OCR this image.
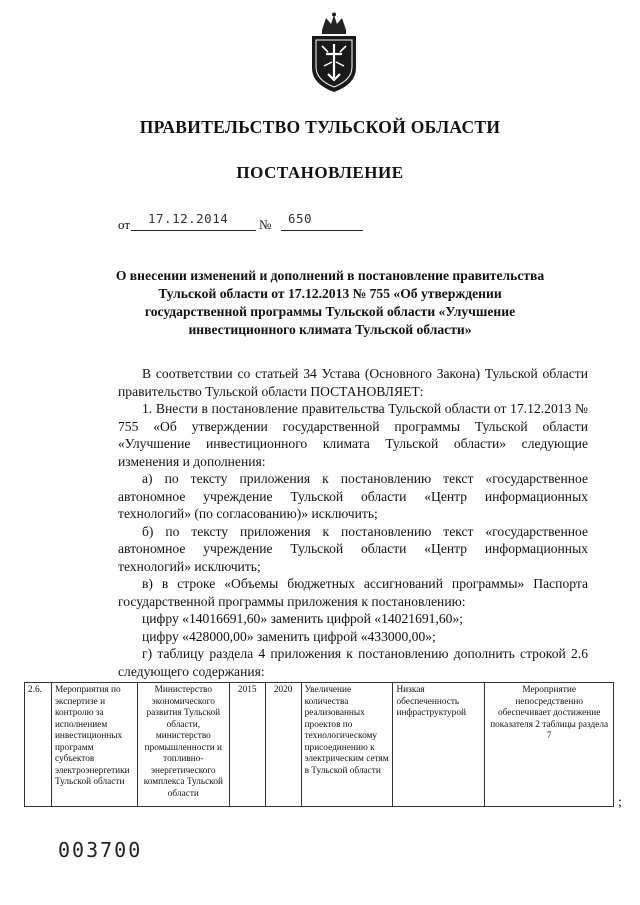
ПРАВИТЕЛЬСТВО ТУЛЬСКОЙ ОБЛАСТИ
ПОСТАНОВЛЕНИЕ
от 17.12.2014 № 650
О внесении изменений и дополнений в постановление правительства
Тульской области от 17.12.2013 № 755 «Об утверждении
государственной программы Тульской области «Улучшение
инвестиционного климата Тульской области»

В соответствии со статьей 34 Устава (Основного Закона) Тульской области правительство Тульской области ПОСТАНОВЛЯЕТ:

1. Внести в постановление правительства Тульской области от 17.12.2013 № 755 «Об утверждении государственной программы Тульской области «Улучшение инвестиционного климата Тульской области» следующие изменения и дополнения:

а) по тексту приложения к постановлению текст «государственное автономное учреждение Тульской области «Центр информационных технологий» (по согласованию)» исключить;

б) по тексту приложения к постановлению текст «государственное автономное учреждение Тульской области «Центр информационных технологий» исключить;

в) в строке «Объемы бюджетных ассигнований программы» Паспорта государственной программы приложения к постановлению:

цифру «14016691,60» заменить цифрой «14021691,60»;

цифру «428000,00» заменить цифрой «433000,00»;

г) таблицу раздела 4 приложения к постановлению дополнить строкой 2.6 следующего содержания:

2.6.	Мероприятия по экспертизе и контролю за исполнением инвестиционных программ субъектов электроэнергетики Тульской области	Министерство экономического развития Тульской области, министерство промышленности и топливно-энергетического комплекса Тульской области	2015	2020	Увеличение количества реализованных проектов по технологическому присоединению к электрическим сетям в Тульской области	Низкая обеспеченность инфраструктурой	Мероприятие непосредственно обеспечивает достижение показателя 2 таблицы раздела 7
;
003700
